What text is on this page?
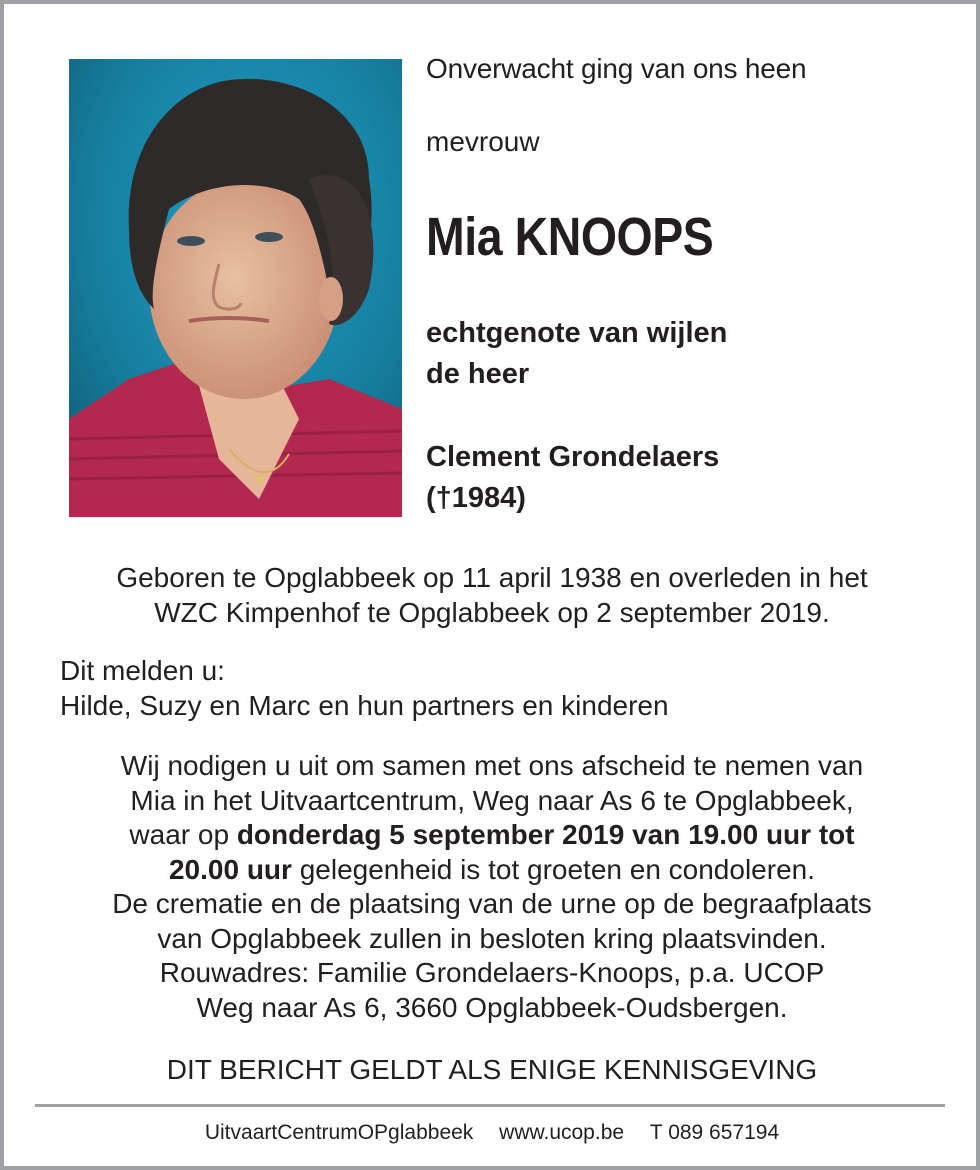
Onverwacht ging van ons heen
mevrouw
Mia KNOOPS
echtgenote van wijlen
de heer
Clement Grondelaers
(†1984)
Geboren te Opglabbeek op 11 april 1938 en overleden in het
WZC Kimpenhof te Opglabbeek op 2 september 2019.
Dit melden u:
Hilde, Suzy en Marc en hun partners en kinderen
Wij nodigen u uit om samen met ons afscheid te nemen van
Mia in het Uitvaartcentrum, Weg naar As 6 te Opglabbeek,
waar op donderdag 5 september 2019 van 19.00 uur tot
20.00 uur gelegenheid is tot groeten en condoleren.
De crematie en de plaatsing van de urne op de begraafplaats
van Opglabbeek zullen in besloten kring plaatsvinden.
Rouwadres: Familie Grondelaers-Knoops, p.a. UCOP
Weg naar As 6, 3660 Opglabbeek-Oudsbergen.
DIT BERICHT GELDT ALS ENIGE KENNISGEVING
UitvaartCentrumOPglabbeek www.ucop.be T 089 657194
